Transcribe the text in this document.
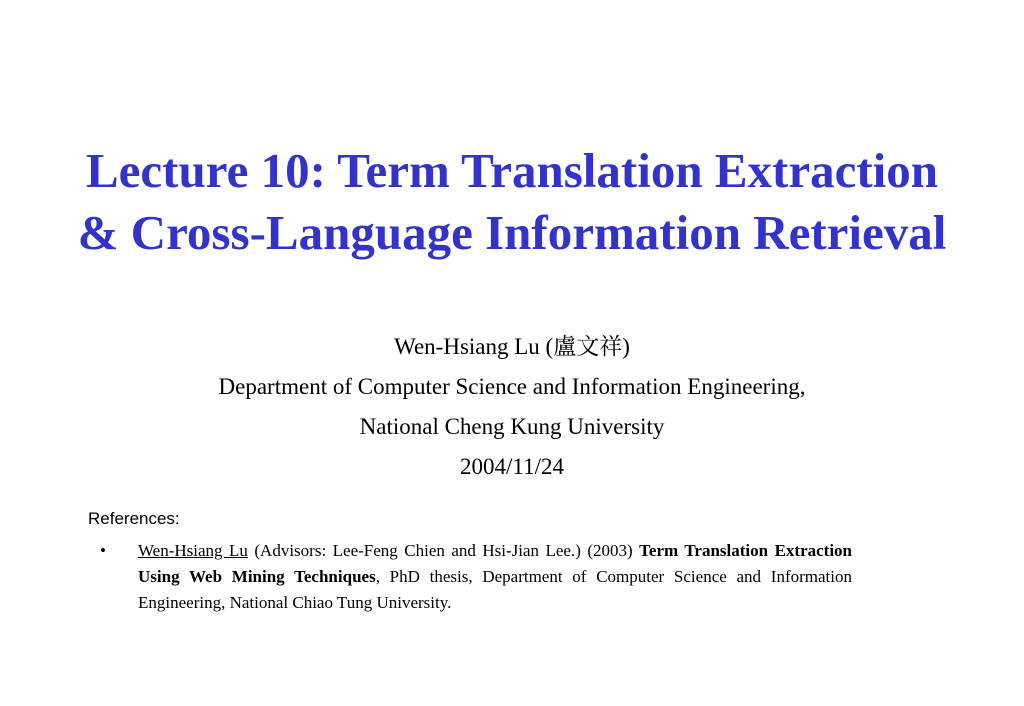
Lecture 10: Term Translation Extraction
& Cross-Language Information Retrieval
Wen-Hsiang Lu (盧文祥)
Department of Computer Science and Information Engineering,
National Cheng Kung University
2004/11/24
References:
• Wen-Hsiang Lu (Advisors: Lee-Feng Chien and Hsi-Jian Lee.) (2003) Term Translation Extraction Using Web Mining Techniques, PhD thesis, Department of Computer Science and Information Engineering, National Chiao Tung University.
